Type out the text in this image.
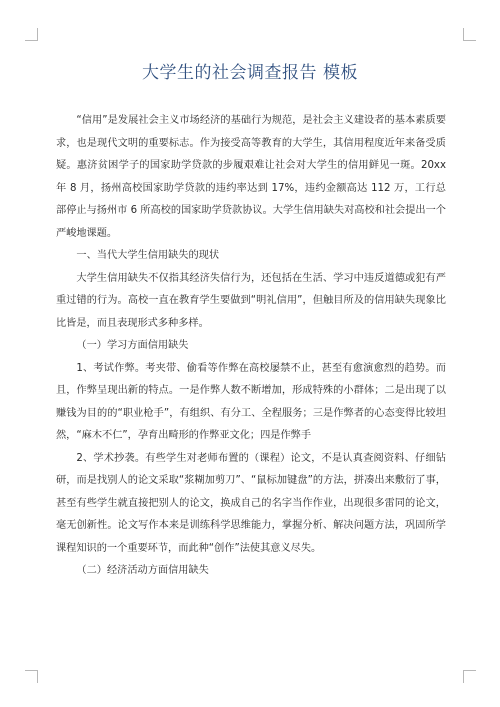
大学生的社会调查报告 模板

“信用”是发展社会主义市场经济的基础行为规范，是社会主义建设者的基本素质要求，也是现代文明的重要标志。作为接受高等教育的大学生，其信用程度近年来备受质疑。惠济贫困学子的国家助学贷款的步履艰难让社会对大学生的信用鲜见一斑。20xx 年 8 月，扬州高校国家助学贷款的违约率达到 17%，违约金额高达 112 万，工行总部停止与扬州市 6 所高校的国家助学贷款协议。大学生信用缺失对高校和社会提出一个严峻地课题。

一、当代大学生信用缺失的现状

大学生信用缺失不仅指其经济失信行为，还包括在生活、学习中违反道德或犯有严重过错的行为。高校一直在教育学生要做到“明礼信用”，但触目所及的信用缺失现象比比皆是，而且表现形式多种多样。

（一）学习方面信用缺失

1、考试作弊。考夹带、偷看等作弊在高校屡禁不止，甚至有愈演愈烈的趋势。而且，作弊呈现出新的特点。一是作弊人数不断增加，形成特殊的小群体；二是出现了以赚钱为目的的“职业枪手”，有组织、有分工、全程服务；三是作弊者的心态变得比较坦然，“麻木不仁”，孕育出畸形的作弊亚文化；四是作弊手

2、学术抄袭。有些学生对老师布置的（课程）论文，不是认真查阅资料、仔细钻研，而是找别人的论文采取“浆糊加剪刀”、“鼠标加键盘”的方法，拼凑出来敷衍了事，甚至有些学生就直接把别人的论文，换成自己的名字当作作业，出现很多雷同的论文，毫无创新性。论文写作本来是训练科学思维能力，掌握分析、解决问题方法，巩固所学课程知识的一个重要环节，而此种“创作”法使其意义尽失。

（二）经济活动方面信用缺失
